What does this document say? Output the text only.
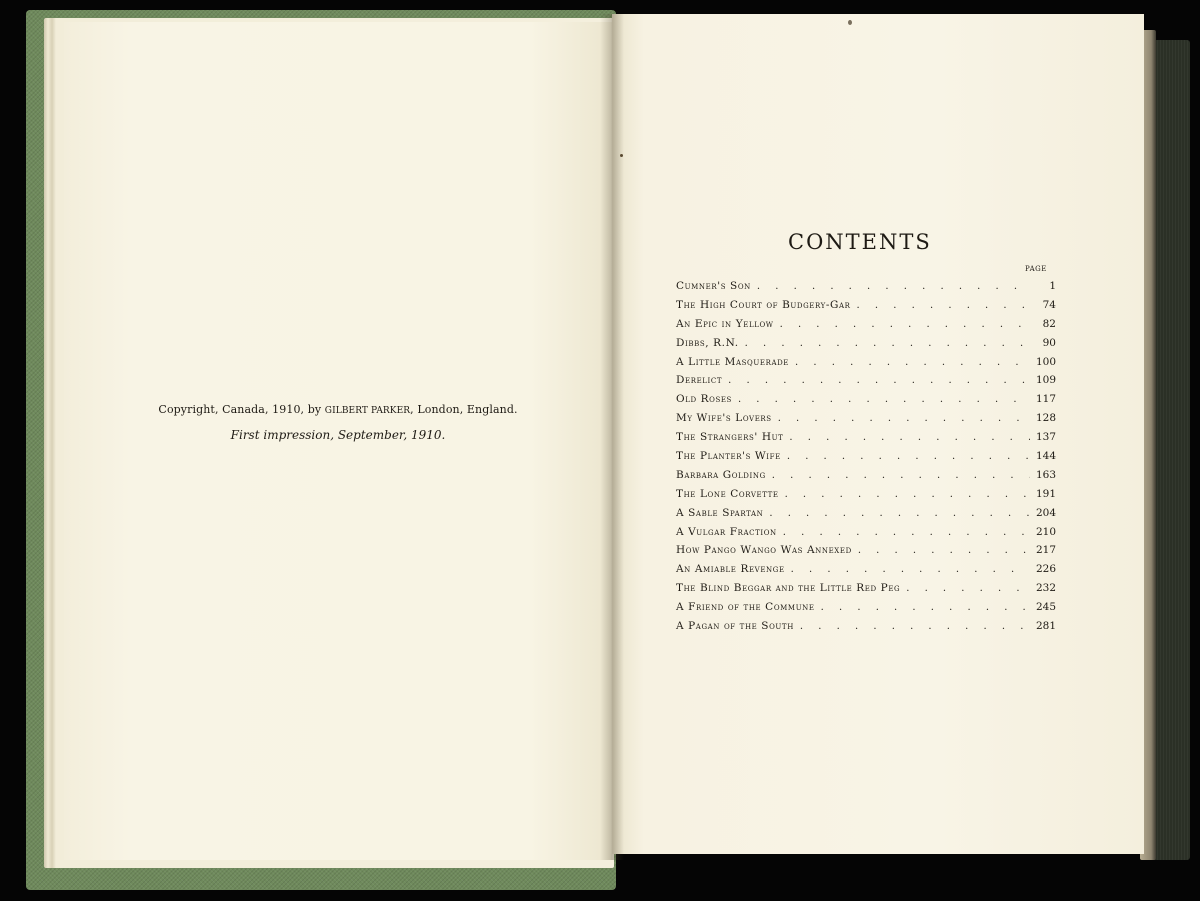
Copyright, Canada, 1910, by GILBERT PARKER, London, England.
First impression, September, 1910.
CONTENTS
PAGE
Cumner's Son . . .	1
The High Court of Budgery-Gar . . .	74
An Epic in Yellow . . .	82
Dibbs, R.N. . . .	90
A Little Masquerade . . .	100
Derelict . . .	109
Old Roses . . .	117
My Wife's Lovers . . .	128
The Strangers' Hut . . .	137
The Planter's Wife . . .	144
Barbara Golding . . .	163
The Lone Corvette . . .	191
A Sable Spartan . . .	204
A Vulgar Fraction . . .	210
How Pango Wango Was Annexed . . .	217
An Amiable Revenge . . .	226
The Blind Beggar and the Little Red Peg . . .	232
A Friend of the Commune . . .	245
A Pagan of the South . . .	281
